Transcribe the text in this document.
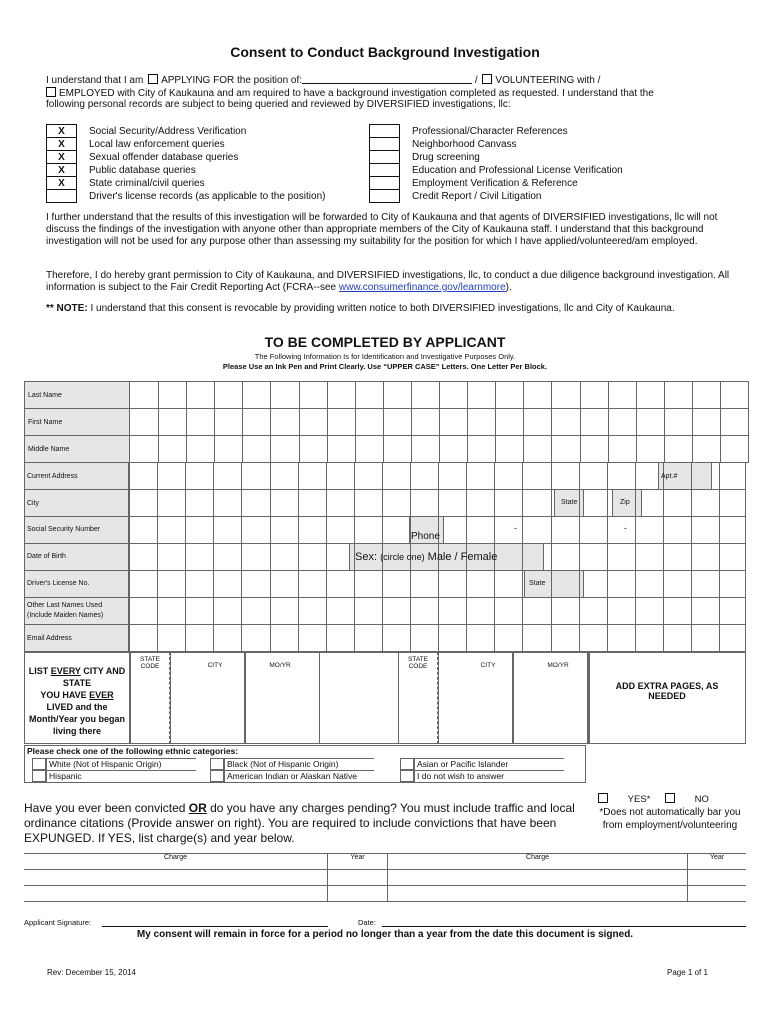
Consent to Conduct Background Investigation
I understand that I am APPLYING FOR the position of:	/ VOLUNTEERING with /
EMPLOYED with City of Kaukauna and am required to have a background investigation completed as requested. I understand that the
following personal records are subject to being queried and reviewed by DIVERSIFIED investigations, llc:
X	Social Security/Address Verification
X	Local law enforcement queries
X	Sexual offender database queries
X	Public database queries
X	State criminal/civil queries
	Driver's license records (as applicable to the position)
	Professional/Character References
	Neighborhood Canvass
	Drug screening
	Education and Professional License Verification
	Employment Verification & Reference
	Credit Report / Civil Litigation
I further understand that the results of this investigation will be forwarded to City of Kaukauna and that agents of DIVERSIFIED investigations, llc will not discuss the findings of the investigation with anyone other than appropriate members of the City of Kaukauna staff. I understand that this background investigation will not be used for any purpose other than assessing my suitability for the position for which I have applied/volunteered/am employed.
Therefore, I do hereby grant permission to City of Kaukauna, and DIVERSIFIED investigations, llc, to conduct a due diligence background investigation. All information is subject to the Fair Credit Reporting Act (FCRA--see www.consumerfinance.gov/learnmore).
** NOTE: I understand that this consent is revocable by providing written notice to both DIVERSIFIED investigations, llc and City of Kaukauna.
TO BE COMPLETED BY APPLICANT
The Following Information Is for Identification and Investigative Purposes Only.
Please Use an Ink Pen and Print Clearly. Use “UPPER CASE” Letters. One Letter Per Block.
Last Name	

First Name	

Middle Name	
Current Address	Apt.#
City	State	Zip
Social Security Number
Phone
-	-
Date of Birth	Sex: (circle one) Male / Female
Driver's License No.	State
Other Last Names Used
(Include Maiden Names)
Email Address
LIST EVERY CITY AND
STATE
YOU HAVE EVER
LIVED and the
Month/Year you began
living there
STATE CODE	CITY	MO/YR
STATE CODE	CITY	MO/YR
ADD EXTRA PAGES, AS NEEDED
Please check one of the following ethnic categories:
White (Not of Hispanic Origin)
Hispanic
Black (Not of Hispanic Origin)
American Indian or Alaskan Native
Asian or Pacific Islander
I do not wish to answer
Have you ever been convicted OR do you have any charges pending? You must include traffic and local ordinance citations (Provide answer on right). You are required to include convictions that have been EXPUNGED. If YES, list charge(s) and year below.
YES*	NO
*Does not automatically bar you from employment/volunteering
Charge	Year	Charge	Year
Applicant Signature:	Date:
My consent will remain in force for a period no longer than a year from the date this document is signed.
Rev: December 15, 2014	Page 1 of 1
